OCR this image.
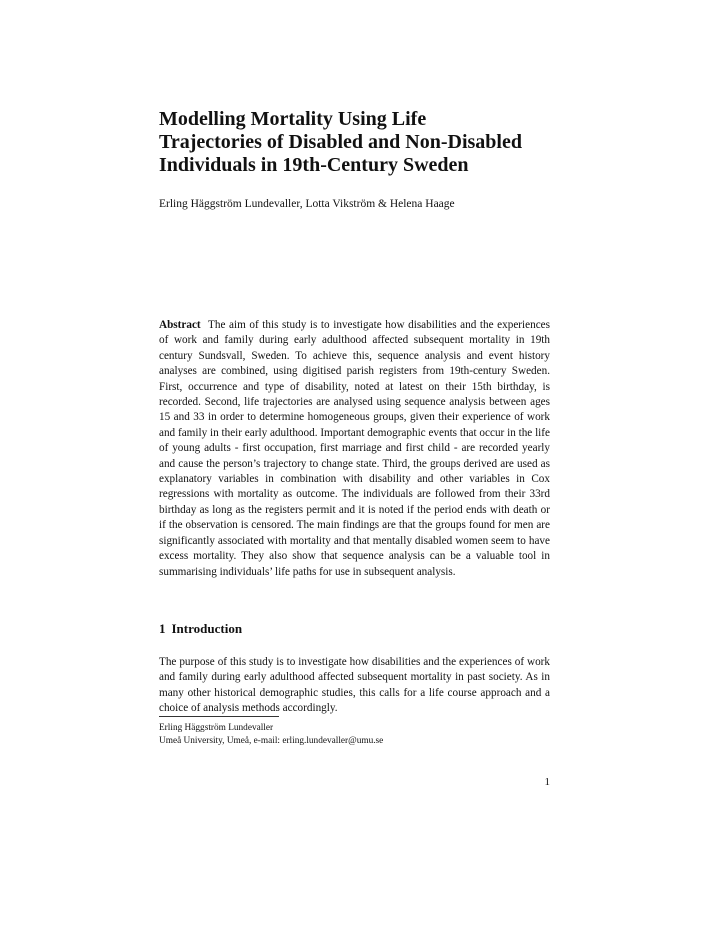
Modelling Mortality Using Life
Trajectories of Disabled and Non-Disabled
Individuals in 19th-Century Sweden
Erling Häggström Lundevaller, Lotta Vikström & Helena Haage

Abstract The aim of this study is to investigate how disabilities and the experiences of work and family during early adulthood affected subsequent mortality in 19th century Sundsvall, Sweden. To achieve this, sequence analysis and event history analyses are combined, using digitised parish registers from 19th-century Sweden. First, occurrence and type of disability, noted at latest on their 15th birthday, is recorded. Second, life trajectories are analysed using sequence analysis between ages 15 and 33 in order to determine homogeneous groups, given their experience of work and family in their early adulthood. Important demographic events that occur in the life of young adults - first occupation, first marriage and first child - are recorded yearly and cause the person’s trajectory to change state. Third, the groups derived are used as explanatory variables in combination with disability and other variables in Cox regressions with mortality as outcome. The individuals are followed from their 33rd birthday as long as the registers permit and it is noted if the period ends with death or if the observation is censored. The main findings are that the groups found for men are significantly associated with mortality and that mentally disabled women seem to have excess mortality. They also show that sequence analysis can be a valuable tool in summarising individuals’ life paths for use in subsequent analysis.

1 Introduction

The purpose of this study is to investigate how disabilities and the experiences of work and family during early adulthood affected subsequent mortality in past society. As in many other historical demographic studies, this calls for a life course approach and a choice of analysis methods accordingly.

Erling Häggström Lundevaller
Umeå University, Umeå, e-mail: erling.lundevaller@umu.se
1
